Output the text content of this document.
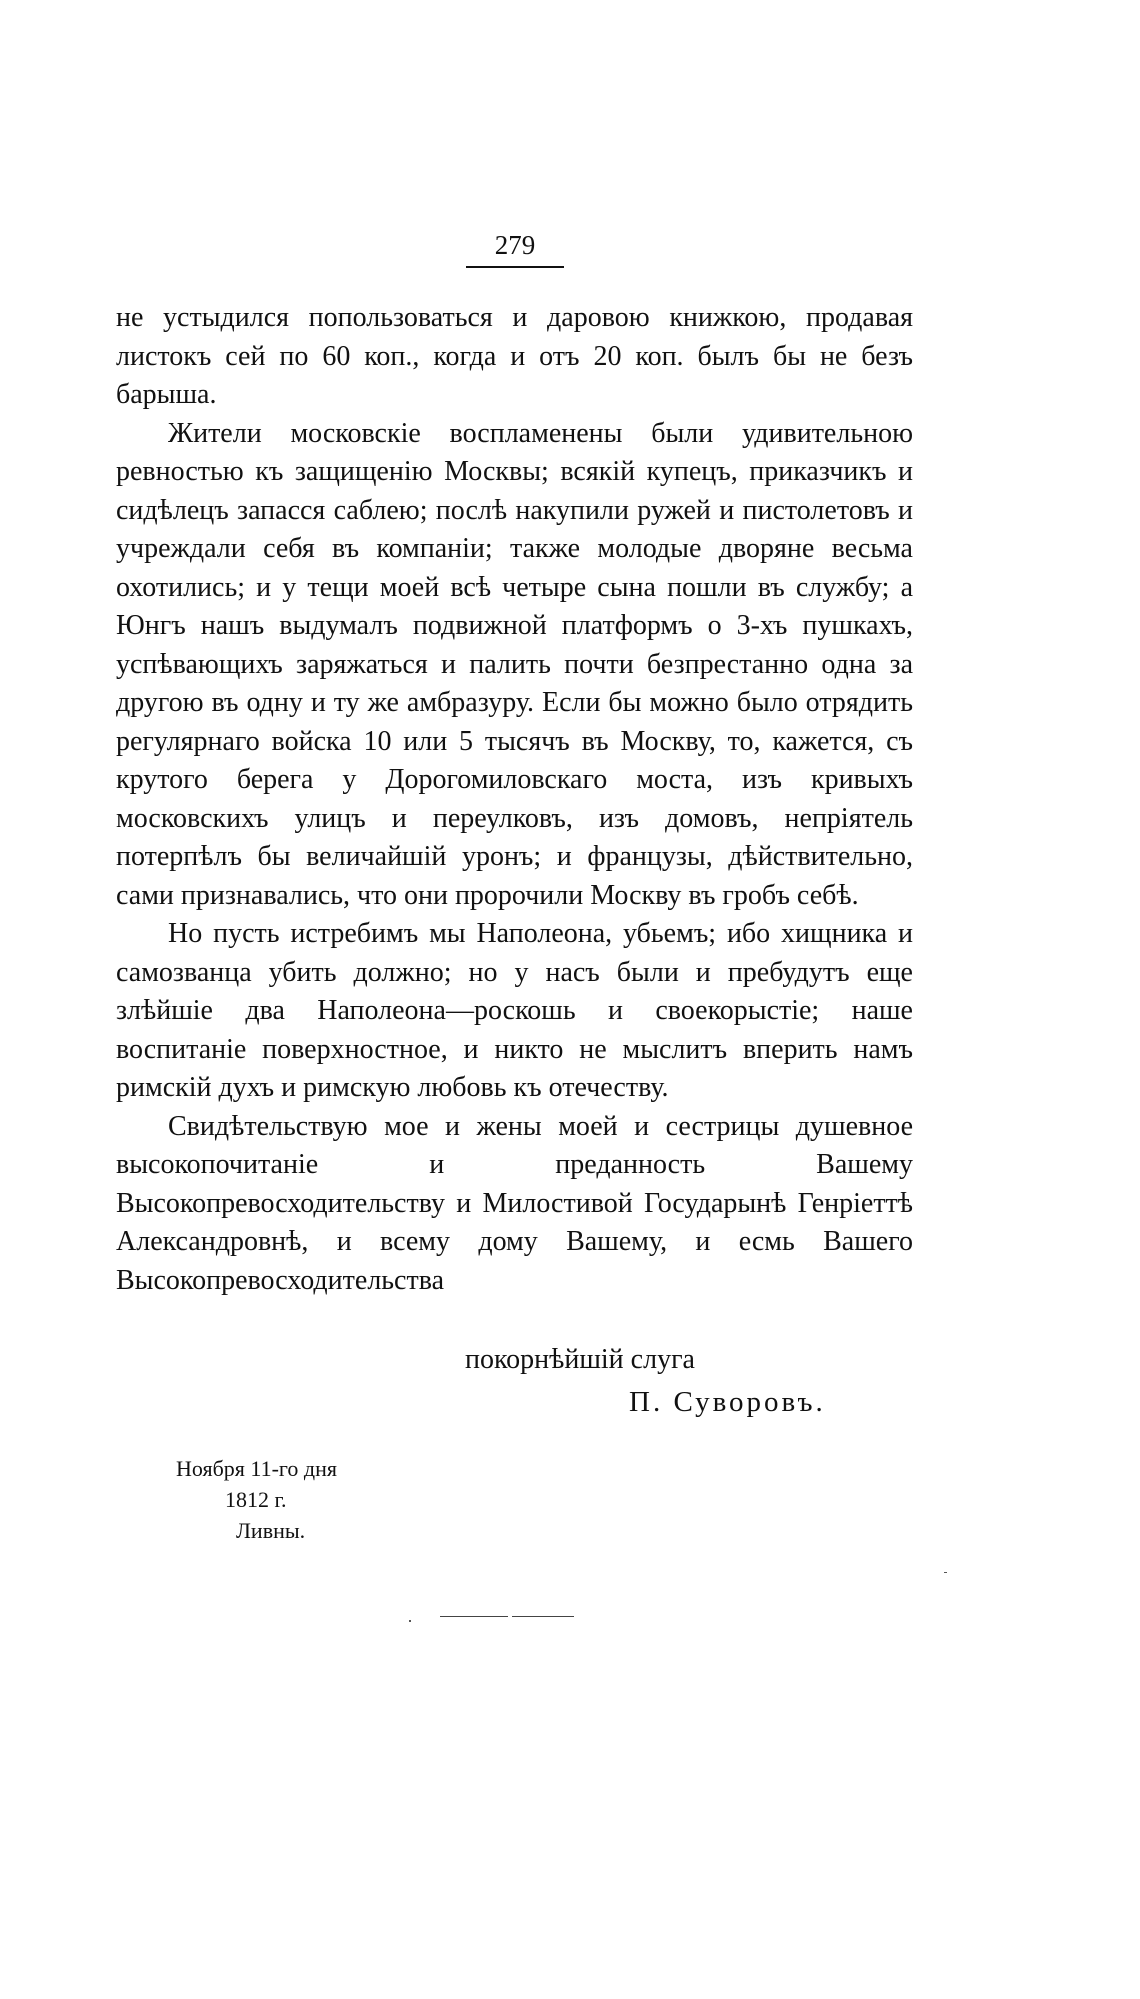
279

не устыдился попользоваться и даровою книжкою, продавая листокъ сей по 60 коп., когда и отъ 20 коп. былъ бы не безъ барыша.

Жители московскіе воспламенены были удивительною ревностью къ защищенію Москвы; всякій купецъ, приказчикъ и сидѣлецъ запасся саблею; послѣ накупили ружей и пистолетовъ и учреждали себя въ компаніи; также молодые дворяне весьма охотились; и у тещи моей всѣ четыре сына пошли въ службу; а Юнгъ нашъ выдумалъ подвижной платформъ о 3-хъ пушкахъ, успѣвающихъ заряжаться и палить почти безпрестанно одна за другою въ одну и ту же амбразуру. Если бы можно было отрядить регулярнаго войска 10 или 5 тысячъ въ Москву, то, кажется, съ крутого берега у Дорогомиловскаго моста, изъ кривыхъ московскихъ улицъ и переулковъ, изъ домовъ, непріятель потерпѣлъ бы величайшій уронъ; и французы, дѣйствительно, сами признавались, что они пророчили Москву въ гробъ себѣ.

Но пусть истребимъ мы Наполеона, убьемъ; ибо хищника и самозванца убить должно; но у насъ были и пребудутъ еще злѣйшіе два Наполеона—роскошь и своекорыстіе; наше воспитаніе поверхностное, и никто не мыслитъ вперить намъ римскій духъ и римскую любовь къ отечеству.

Свидѣтельствую мое и жены моей и сестрицы душевное высокопочитаніе и преданность Вашему Высокопревосходительству и Милостивой Государынѣ Генріеттѣ Александровнѣ, и всему дому Вашему, и есмь Вашего Высокопревосходительства

покорнѣйшій слуга
П. Суворовъ.
Ноября 11-го дня
1812 г.
Ливны.
